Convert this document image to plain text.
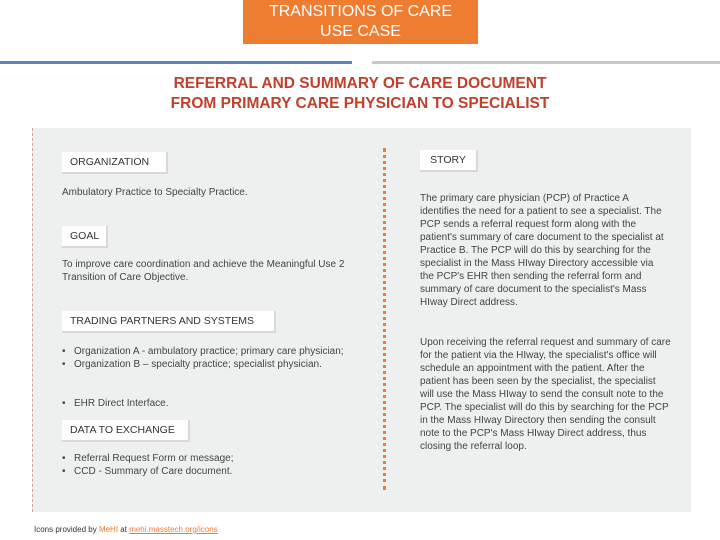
TRANSITIONS OF CARE
USE CASE
REFERRAL AND SUMMARY OF CARE DOCUMENT
FROM PRIMARY CARE PHYSICIAN TO SPECIALIST
ORGANIZATION
Ambulatory Practice to Specialty Practice.
GOAL
To improve care coordination and achieve the Meaningful Use 2 Transition of Care Objective.
TRADING PARTNERS AND SYSTEMS
• Organization A - ambulatory practice; primary care physician;
• Organization B – specialty practice; specialist physician.
• EHR Direct Interface.
DATA TO EXCHANGE
• Referral Request Form or message;
• CCD - Summary of Care document.
STORY
The primary care physician (PCP) of Practice A identifies the need for a patient to see a specialist. The PCP sends a referral request form along with the patient's summary of care document to the specialist at Practice B. The PCP will do this by searching for the specialist in the Mass HIway Directory accessible via the PCP's EHR then sending the referral form and summary of care document to the specialist's Mass HIway Direct address.
Upon receiving the referral request and summary of care for the patient via the HIway, the specialist's office will schedule an appointment with the patient. After the patient has been seen by the specialist, the specialist will use the Mass HIway to send the consult note to the PCP. The specialist will do this by searching for the PCP in the Mass HIway Directory then sending the consult note to the PCP's Mass HIway Direct address, thus closing the referral loop.
Icons provided by MeHI at mehi.masstech.org/icons
